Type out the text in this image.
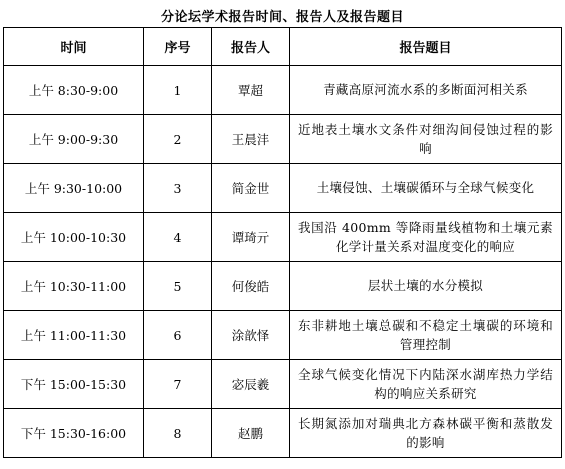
分论坛学术报告时间、报告人及报告题目
时间	序号	报告人	报告题目
上午 8:30-9:00	1	覃超	青藏高原河流水系的多断面河相关系
上午 9:00-9:30	2	王晨沣	近地表土壤水文条件对细沟间侵蚀过程的影响
上午 9:30-10:00	3	简金世	土壤侵蚀、土壤碳循环与全球气候变化
上午 10:00-10:30	4	谭琦亓	我国沿 400mm 等降雨量线植物和土壤元素化学计量关系对温度变化的响应
上午 10:30-11:00	5	何俊皓	层状土壤的水分模拟
上午 11:00-11:30	6	涂歆怿	东非耕地土壤总碳和不稳定土壤碳的环境和管理控制
下午 15:00-15:30	7	宓辰羲	全球气候变化情况下内陆深水湖库热力学结构的响应关系研究
下午 15:30-16:00	8	赵鹏	长期氮添加对瑞典北方森林碳平衡和蒸散发的影响
